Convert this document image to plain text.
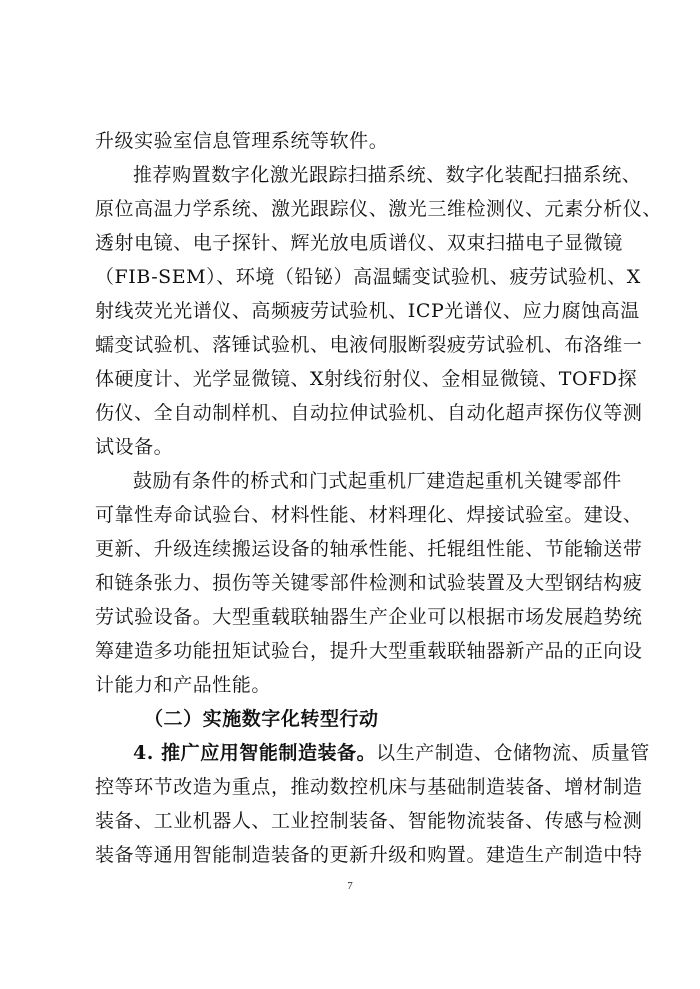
升级实验室信息管理系统等软件。
推荐购置数字化激光跟踪扫描系统、数字化装配扫描系统、
原位高温力学系统、激光跟踪仪、激光三维检测仪、元素分析仪、
透射电镜、电子探针、辉光放电质谱仪、双束扫描电子显微镜
（FIB-SEM）、环境（铅铋）高温蠕变试验机、疲劳试验机、X
射线荧光光谱仪、高频疲劳试验机、ICP光谱仪、应力腐蚀高温
蠕变试验机、落锤试验机、电液伺服断裂疲劳试验机、布洛维一
体硬度计、光学显微镜、X射线衍射仪、金相显微镜、TOFD探
伤仪、全自动制样机、自动拉伸试验机、自动化超声探伤仪等测
试设备。
鼓励有条件的桥式和门式起重机厂建造起重机关键零部件
可靠性寿命试验台、材料性能、材料理化、焊接试验室。建设、
更新、升级连续搬运设备的轴承性能、托辊组性能、节能输送带
和链条张力、损伤等关键零部件检测和试验装置及大型钢结构疲
劳试验设备。大型重载联轴器生产企业可以根据市场发展趋势统
筹建造多功能扭矩试验台，提升大型重载联轴器新产品的正向设
计能力和产品性能。
（二）实施数字化转型行动
4. 推广应用智能制造装备。以生产制造、仓储物流、质量管
控等环节改造为重点，推动数控机床与基础制造装备、增材制造
装备、工业机器人、工业控制装备、智能物流装备、传感与检测
装备等通用智能制造装备的更新升级和购置。建造生产制造中特
7
